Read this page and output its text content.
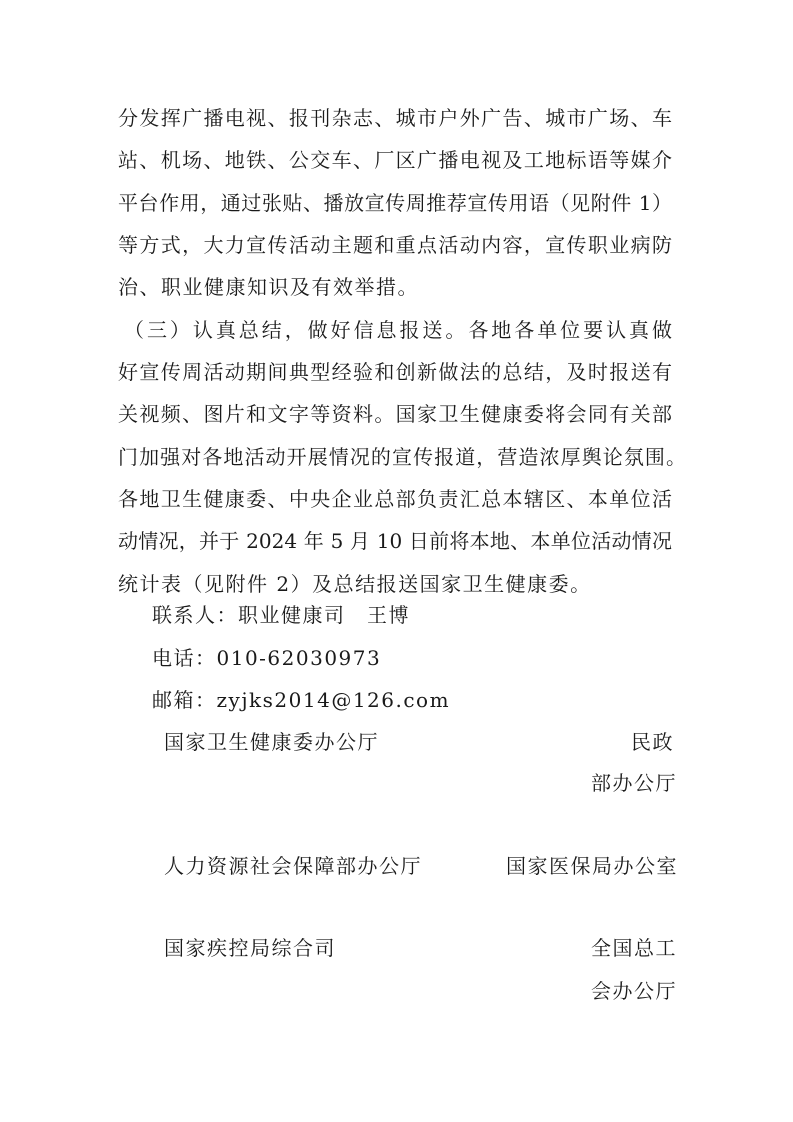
分发挥广播电视、报刊杂志、城市户外广告、城市广场、车
站、机场、地铁、公交车、厂区广播电视及工地标语等媒介
平台作用，通过张贴、播放宣传周推荐宣传用语（见附件 1）
等方式，大力宣传活动主题和重点活动内容，宣传职业病防
治、职业健康知识及有效举措。
（三）认真总结，做好信息报送。各地各单位要认真做
好宣传周活动期间典型经验和创新做法的总结，及时报送有
关视频、图片和文字等资料。国家卫生健康委将会同有关部
门加强对各地活动开展情况的宣传报道，营造浓厚舆论氛围。
各地卫生健康委、中央企业总部负责汇总本辖区、本单位活
动情况，并于 2024 年 5 月 10 日前将本地、本单位活动情况
统计表（见附件 2）及总结报送国家卫生健康委。
联系人：职业健康司　王博
电话：010-62030973
邮箱：zyjks2014@126.com
国家卫生健康委办公厅	民政
部办公厅
人力资源社会保障部办公厅	国家医保局办公室
国家疾控局综合司	全国总工
会办公厅
